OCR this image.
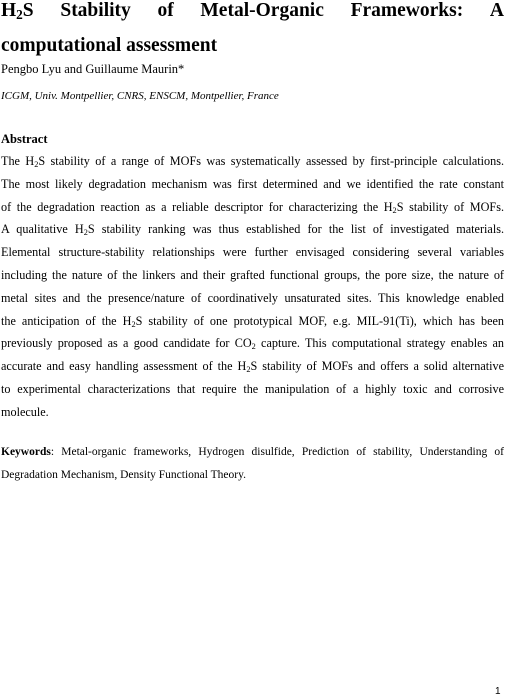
$H_2S$ Stability of Metal-Organic Frameworks: A
computational assessment

Pengbo Lyu and Guillaume Maurin*

ICGM, Univ. Montpellier, CNRS, ENSCM, Montpellier, France

Abstract

The $H_2S$ stability of a range of MOFs was systematically assessed by first-principle calculations.
The most likely degradation mechanism was first determined and we identified the rate constant
of the degradation reaction as a reliable descriptor for characterizing the $H_2S$ stability of MOFs.
A qualitative $H_2S$ stability ranking was thus established for the list of investigated materials.
Elemental structure-stability relationships were further envisaged considering several variables
including the nature of the linkers and their grafted functional groups, the pore size, the nature of
metal sites and the presence/nature of coordinatively unsaturated sites. This knowledge enabled
the anticipation of the $H_2S$ stability of one prototypical MOF, e.g. MIL-91(Ti), which has been
previously proposed as a good candidate for $CO_2$ capture. This computational strategy enables an
accurate and easy handling assessment of the $H_2S$ stability of MOFs and offers a solid alternative
to experimental characterizations that require the manipulation of a highly toxic and corrosive
molecule.
Keywords: Metal-organic frameworks, Hydrogen disulfide, Prediction of stability, Understanding of
Degradation Mechanism, Density Functional Theory.
1
